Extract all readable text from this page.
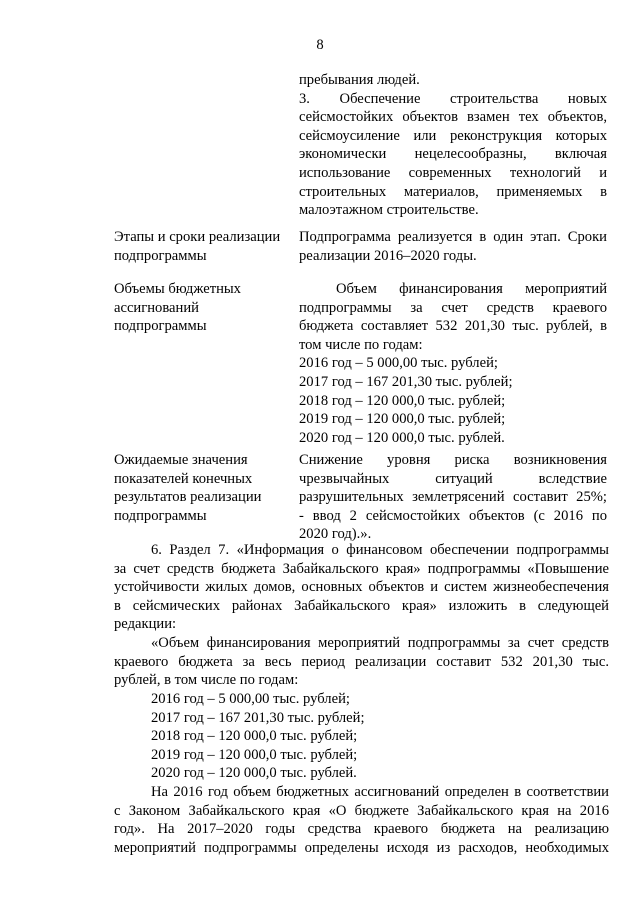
8
пребывания людей.
3. Обеспечение строительства новых
сейсмостойких объектов взамен тех объектов,
сейсмоусиление или реконструкция которых
экономически нецелесообразны, включая
использование современных технологий и
строительных материалов, применяемых в
малоэтажном строительстве.
Этапы и сроки реализации
подпрограммы
Подпрограмма реализуется в один этап. Сроки
реализации 2016–2020 годы.
Объемы бюджетных
ассигнований
подпрограммы
Объем финансирования мероприятий
подпрограммы за счет средств краевого
бюджета составляет 532 201,30 тыс. рублей, в
том числе по годам:
2016 год – 5 000,00 тыс. рублей;
2017 год – 167 201,30 тыс. рублей;
2018 год – 120 000,0 тыс. рублей;
2019 год – 120 000,0 тыс. рублей;
2020 год – 120 000,0 тыс. рублей.
Ожидаемые значения
показателей конечных
результатов реализации
подпрограммы
Снижение уровня риска возникновения
чрезвычайных ситуаций вследствие
разрушительных землетрясений составит 25%;
- ввод 2 сейсмостойких объектов (с 2016 по
2020 год).».
6. Раздел 7. «Информация о финансовом обеспечении подпрограммы
за счет средств бюджета Забайкальского края» подпрограммы «Повышение
устойчивости жилых домов, основных объектов и систем жизнеобеспечения
в сейсмических районах Забайкальского края» изложить в следующей
редакции:
«Объем финансирования мероприятий подпрограммы за счет средств
краевого бюджета за весь период реализации составит 532 201,30 тыс.
рублей, в том числе по годам:
2016 год – 5 000,00 тыс. рублей;
2017 год – 167 201,30 тыс. рублей;
2018 год – 120 000,0 тыс. рублей;
2019 год – 120 000,0 тыс. рублей;
2020 год – 120 000,0 тыс. рублей.
На 2016 год объем бюджетных ассигнований определен в соответствии
с Законом Забайкальского края «О бюджете Забайкальского края на 2016
год». На 2017–2020 годы средства краевого бюджета на реализацию
мероприятий подпрограммы определены исходя из расходов, необходимых
